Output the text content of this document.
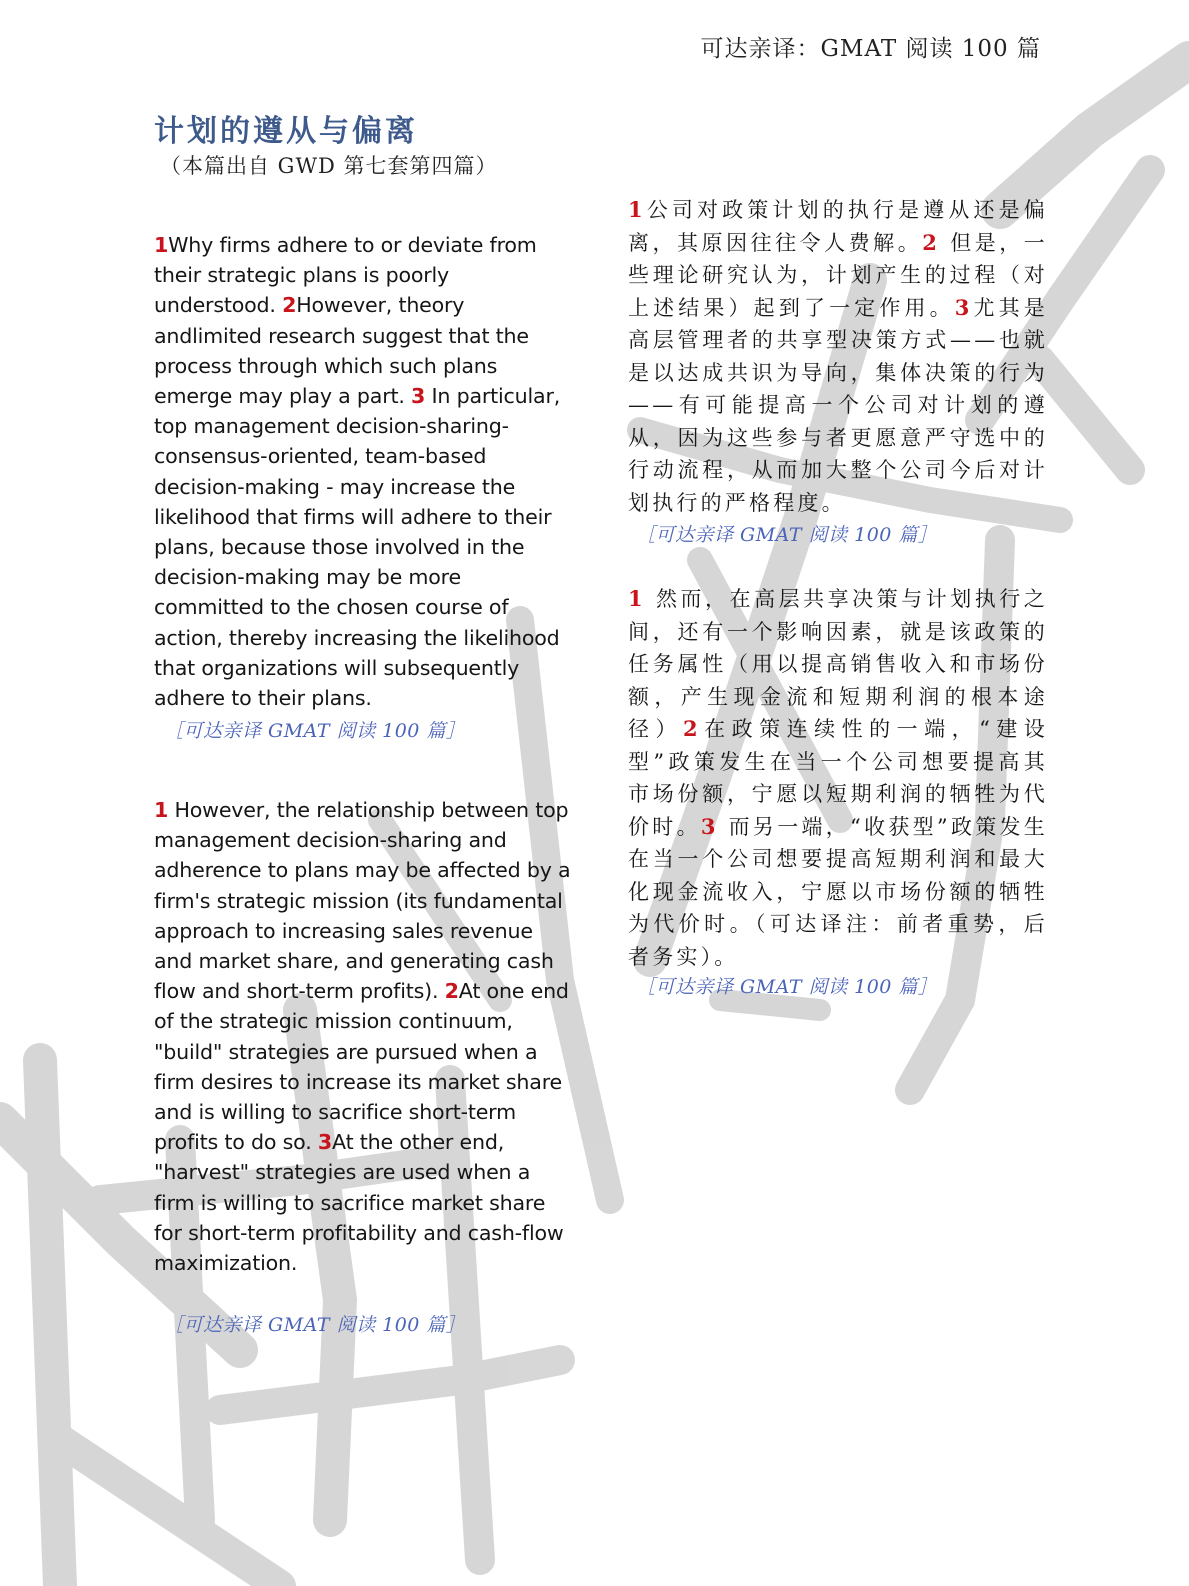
可达亲译：GMAT 阅读 100 篇
计划的遵从与偏离
（本篇出自 GWD 第七套第四篇）
1Why firms adhere to or deviate from their strategic plans is poorly understood. 2However, theory andlimited research suggest that the process through which such plans emerge may play a part. 3 In particular, top management decision-sharing-consensus-oriented, team-based decision-making - may increase the likelihood that firms will adhere to their plans, because those involved in the decision-making may be more committed to the chosen course of action, thereby increasing the likelihood that organizations will subsequently adhere to their plans.
［可达亲译 GMAT 阅读 100 篇］
1 However, the relationship between top management decision-sharing and adherence to plans may be affected by a firm's strategic mission (its fundamental approach to increasing sales revenue and market share, and generating cash flow and short-term profits). 2At one end of the strategic mission continuum, "build" strategies are pursued when a firm desires to increase its market share and is willing to sacrifice short-term profits to do so. 3At the other end, "harvest" strategies are used when a firm is willing to sacrifice market share for short-term profitability and cash-flow maximization.
［可达亲译 GMAT 阅读 100 篇］
1公司对政策计划的执行是遵从还是偏离，其原因往往令人费解。2 但是，一些理论研究认为，计划产生的过程（对上述结果）起到了一定作用。3尤其是高层管理者的共享型决策方式——也就是以达成共识为导向，集体决策的行为——有可能提高一个公司对计划的遵从，因为这些参与者更愿意严守选中的行动流程，从而加大整个公司今后对计划执行的严格程度。
［可达亲译 GMAT 阅读 100 篇］
1 然而，在高层共享决策与计划执行之间，还有一个影响因素，就是该政策的任务属性（用以提高销售收入和市场份额，产生现金流和短期利润的根本途径）2在政策连续性的一端，“建设型”政策发生在当一个公司想要提高其市场份额，宁愿以短期利润的牺牲为代价时。3 而另一端，“收获型”政策发生在当一个公司想要提高短期利润和最大化现金流收入，宁愿以市场份额的牺牲为代价时。（可达译注：前者重势，后者务实）。
［可达亲译 GMAT 阅读 100 篇］
